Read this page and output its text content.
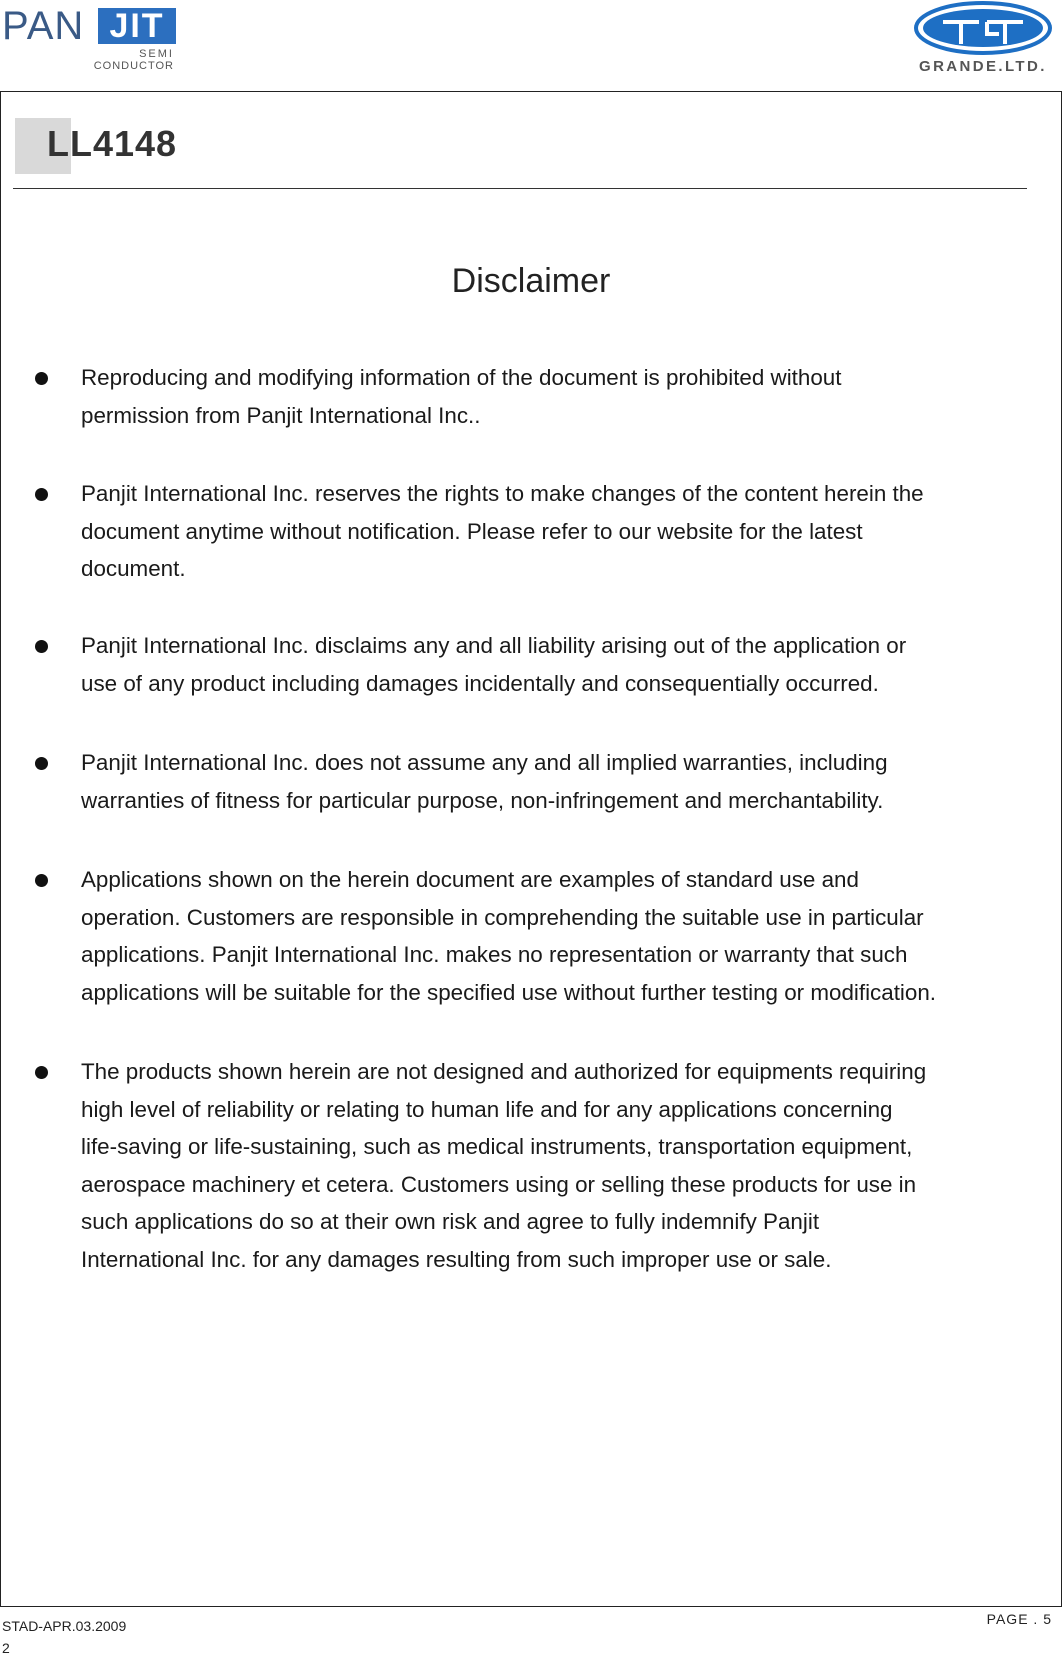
PAN JIT
SEMI
CONDUCTOR	GRANDE.LTD.
LL4148
Disclaimer
Reproducing and modifying information of the document is prohibited without
permission from Panjit International Inc..
Panjit International Inc. reserves the rights to make changes of the content herein the
document anytime without notification. Please refer to our website for the latest
document.
Panjit International Inc. disclaims any and all liability arising out of the application or
use of any product including damages incidentally and consequentially occurred.
Panjit International Inc. does not assume any and all implied warranties, including
warranties of fitness for particular purpose, non-infringement and merchantability.
Applications shown on the herein document are examples of standard use and
operation. Customers are responsible in comprehending the suitable use in particular
applications. Panjit International Inc. makes no representation or warranty that such
applications will be suitable for the specified use without further testing or modification.
The products shown herein are not designed and authorized for equipments requiring
high level of reliability or relating to human life and for any applications concerning
life-saving or life-sustaining, such as medical instruments, transportation equipment,
aerospace machinery et cetera. Customers using or selling these products for use in
such applications do so at their own risk and agree to fully indemnify Panjit
International Inc. for any damages resulting from such improper use or sale.
STAD-APR.03.2009
2
PAGE . 5
